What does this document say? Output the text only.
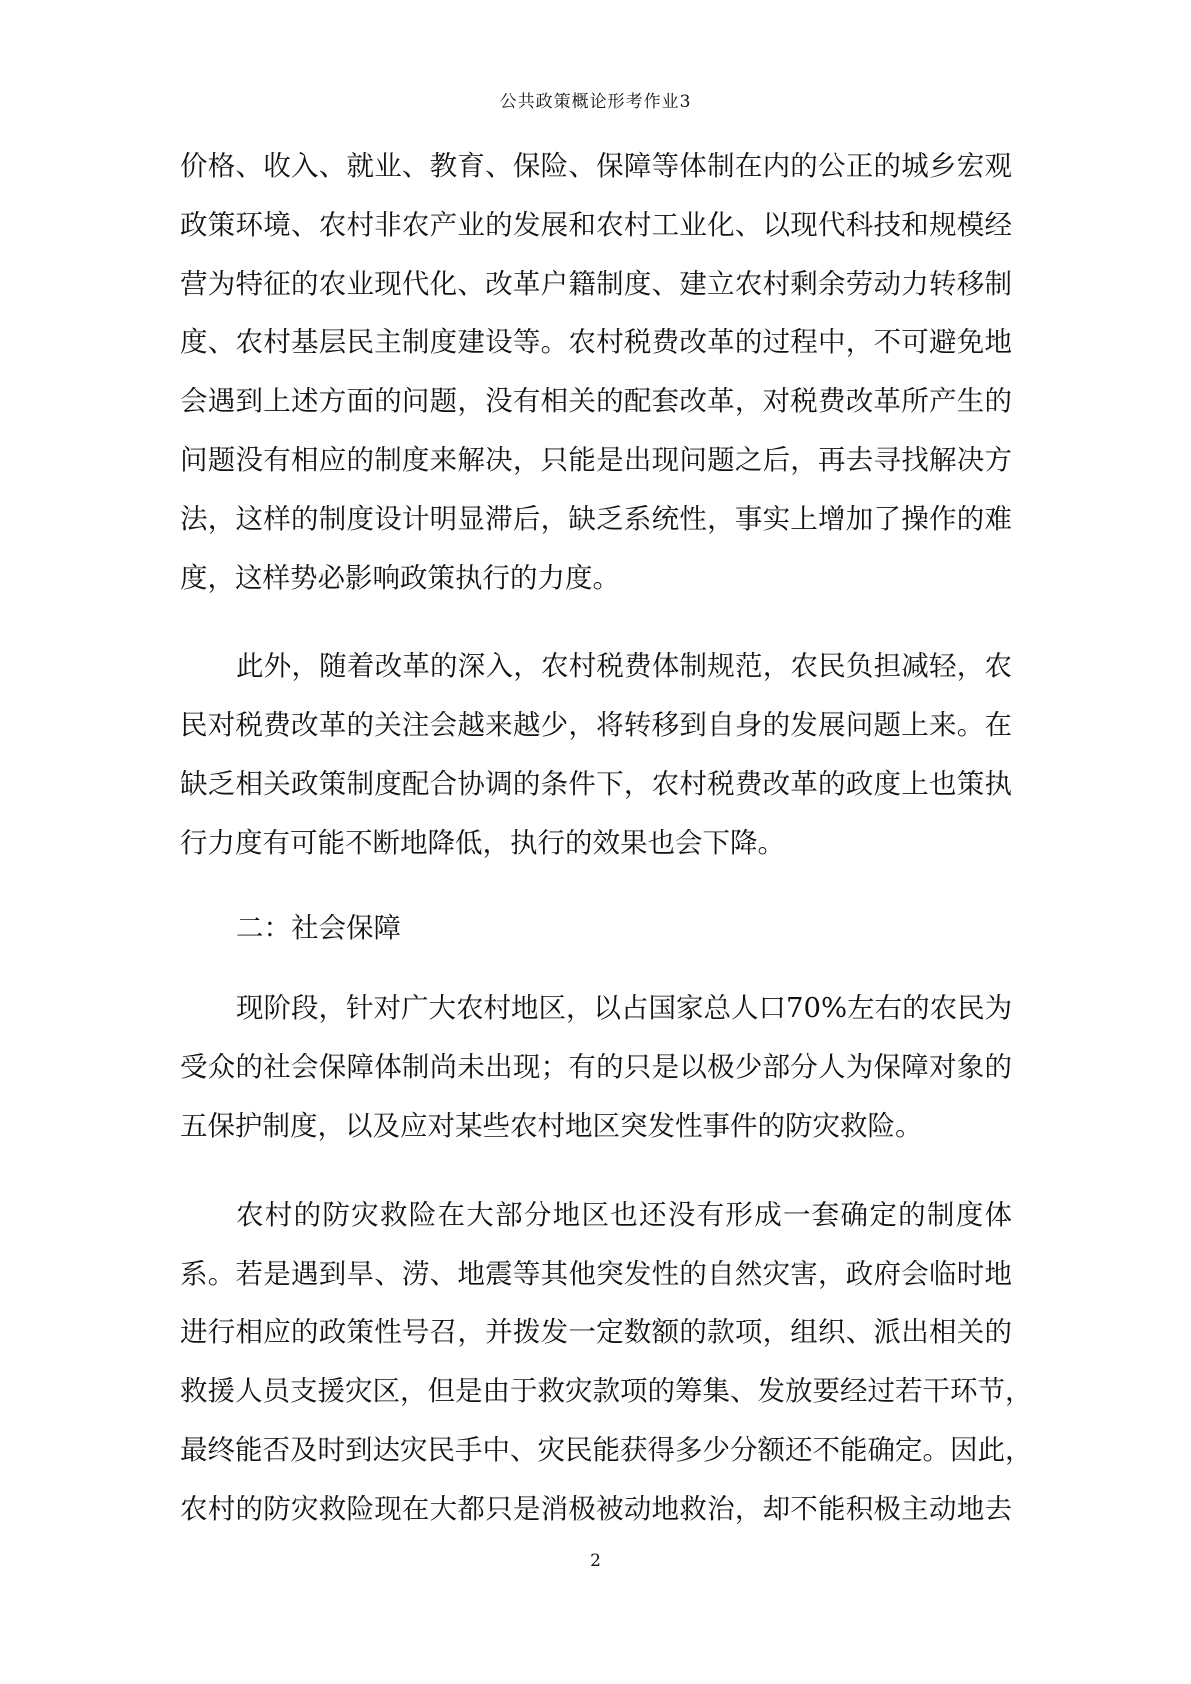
公共政策概论形考作业3
价格、收入、就业、教育、保险、保障等体制在内的公正的城乡宏观
政策环境、农村非农产业的发展和农村工业化、以现代科技和规模经
营为特征的农业现代化、改革户籍制度、建立农村剩余劳动力转移制
度、农村基层民主制度建设等。农村税费改革的过程中，不可避免地
会遇到上述方面的问题，没有相关的配套改革，对税费改革所产生的
问题没有相应的制度来解决，只能是出现问题之后，再去寻找解决方
法，这样的制度设计明显滞后，缺乏系统性，事实上增加了操作的难
度，这样势必影响政策执行的力度。
此外，随着改革的深入，农村税费体制规范，农民负担减轻，农
民对税费改革的关注会越来越少，将转移到自身的发展问题上来。在
缺乏相关政策制度配合协调的条件下，农村税费改革的政度上也策执
行力度有可能不断地降低，执行的效果也会下降。
二：社会保障
现阶段，针对广大农村地区，以占国家总人口70%左右的农民为
受众的社会保障体制尚未出现；有的只是以极少部分人为保障对象的
五保护制度，以及应对某些农村地区突发性事件的防灾救险。
农村的防灾救险在大部分地区也还没有形成一套确定的制度体
系。若是遇到旱、涝、地震等其他突发性的自然灾害，政府会临时地
进行相应的政策性号召，并拨发一定数额的款项，组织、派出相关的
救援人员支援灾区，但是由于救灾款项的筹集、发放要经过若干环节，
最终能否及时到达灾民手中、灾民能获得多少分额还不能确定。因此，
农村的防灾救险现在大都只是消极被动地救治，却不能积极主动地去
2
